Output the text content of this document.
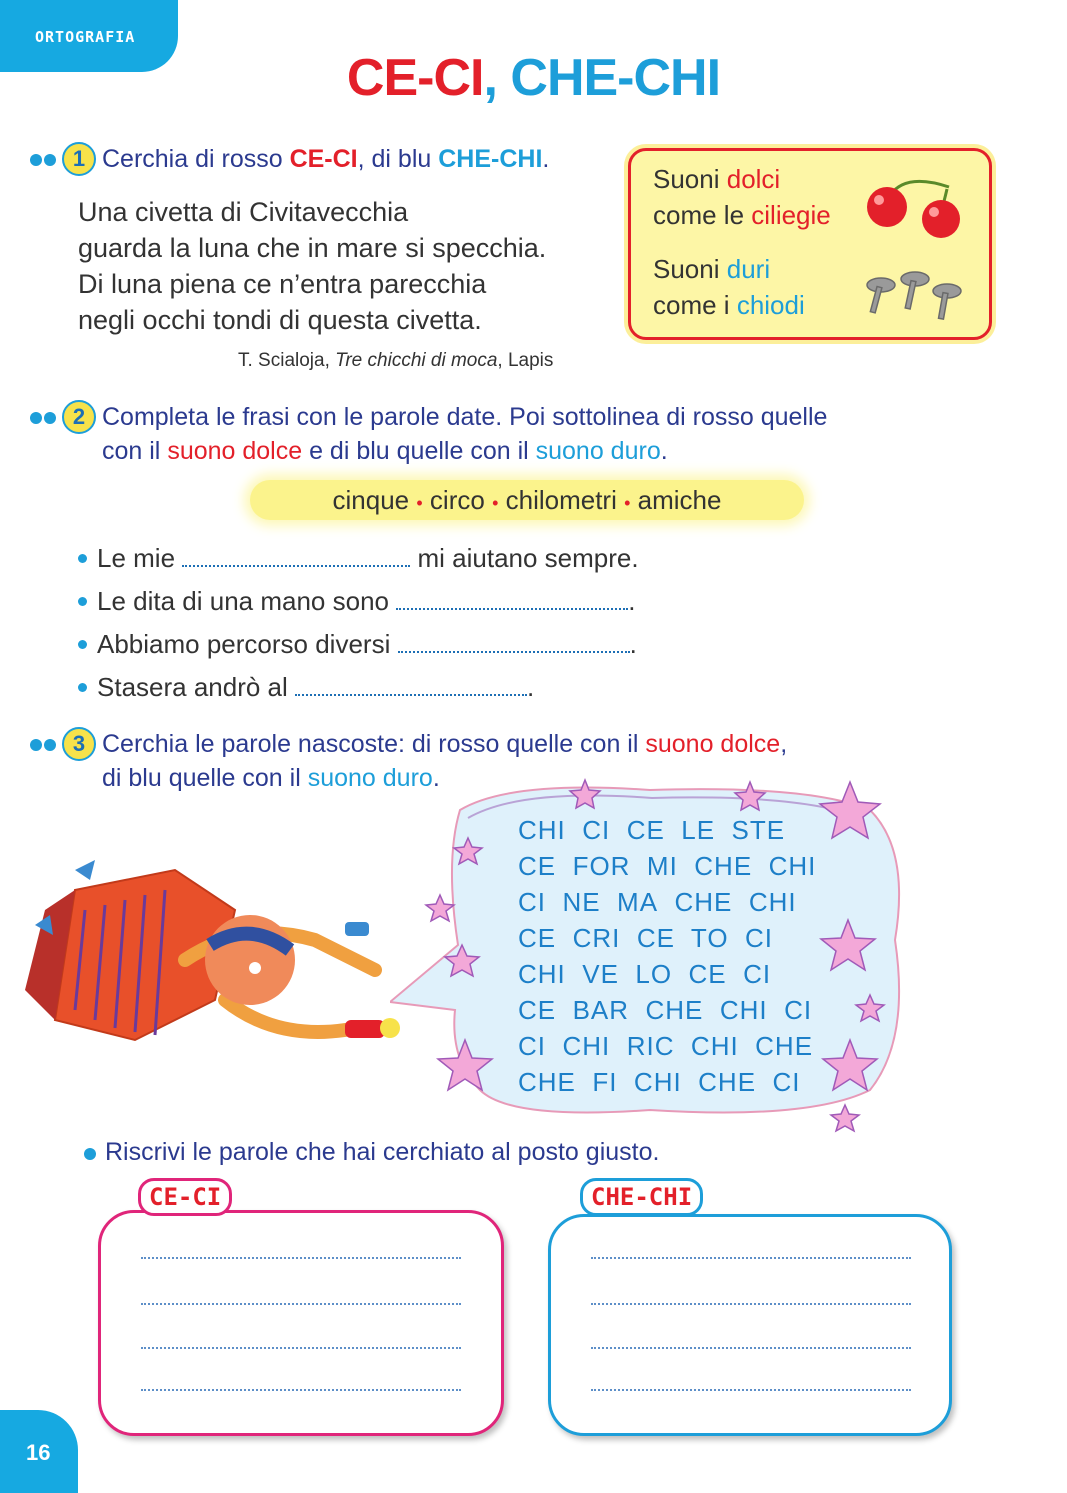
ORTOGRAFIA
CE-CI, CHE-CHI
1 Cerchia di rosso CE-CI, di blu CHE-CHI.
Una civetta di Civitavecchia
guarda la luna che in mare si specchia.
Di luna piena ce n’entra parecchia
negli occhi tondi di questa civetta.
T. Scialoja, Tre chicchi di moca, Lapis
Suoni dolci
come le ciliegie
Suoni duri
come i chiodi
2 Completa le frasi con le parole date. Poi sottolinea di rosso quelle
con il suono dolce e di blu quelle con il suono duro.
cinque • circo • chilometri • amiche
Le mie	mi aiutano sempre.
Le dita di una mano sono	.
Abbiamo percorso diversi	.
Stasera andrò al	.
3 Cerchia le parole nascoste: di rosso quelle con il suono dolce,
di blu quelle con il suono duro.
CHI CI CE LE STE
CE FOR MI CHE CHI
CI NE MA CHE CHI
CE CRI CE TO CI
CHI VE LO CE CI
CE BAR CHE CHI CI
CI CHI RIC CHI CHE
CHE FI CHI CHE CI
Riscrivi le parole che hai cerchiato al posto giusto.
CE-CI	CHE-CHI
16
